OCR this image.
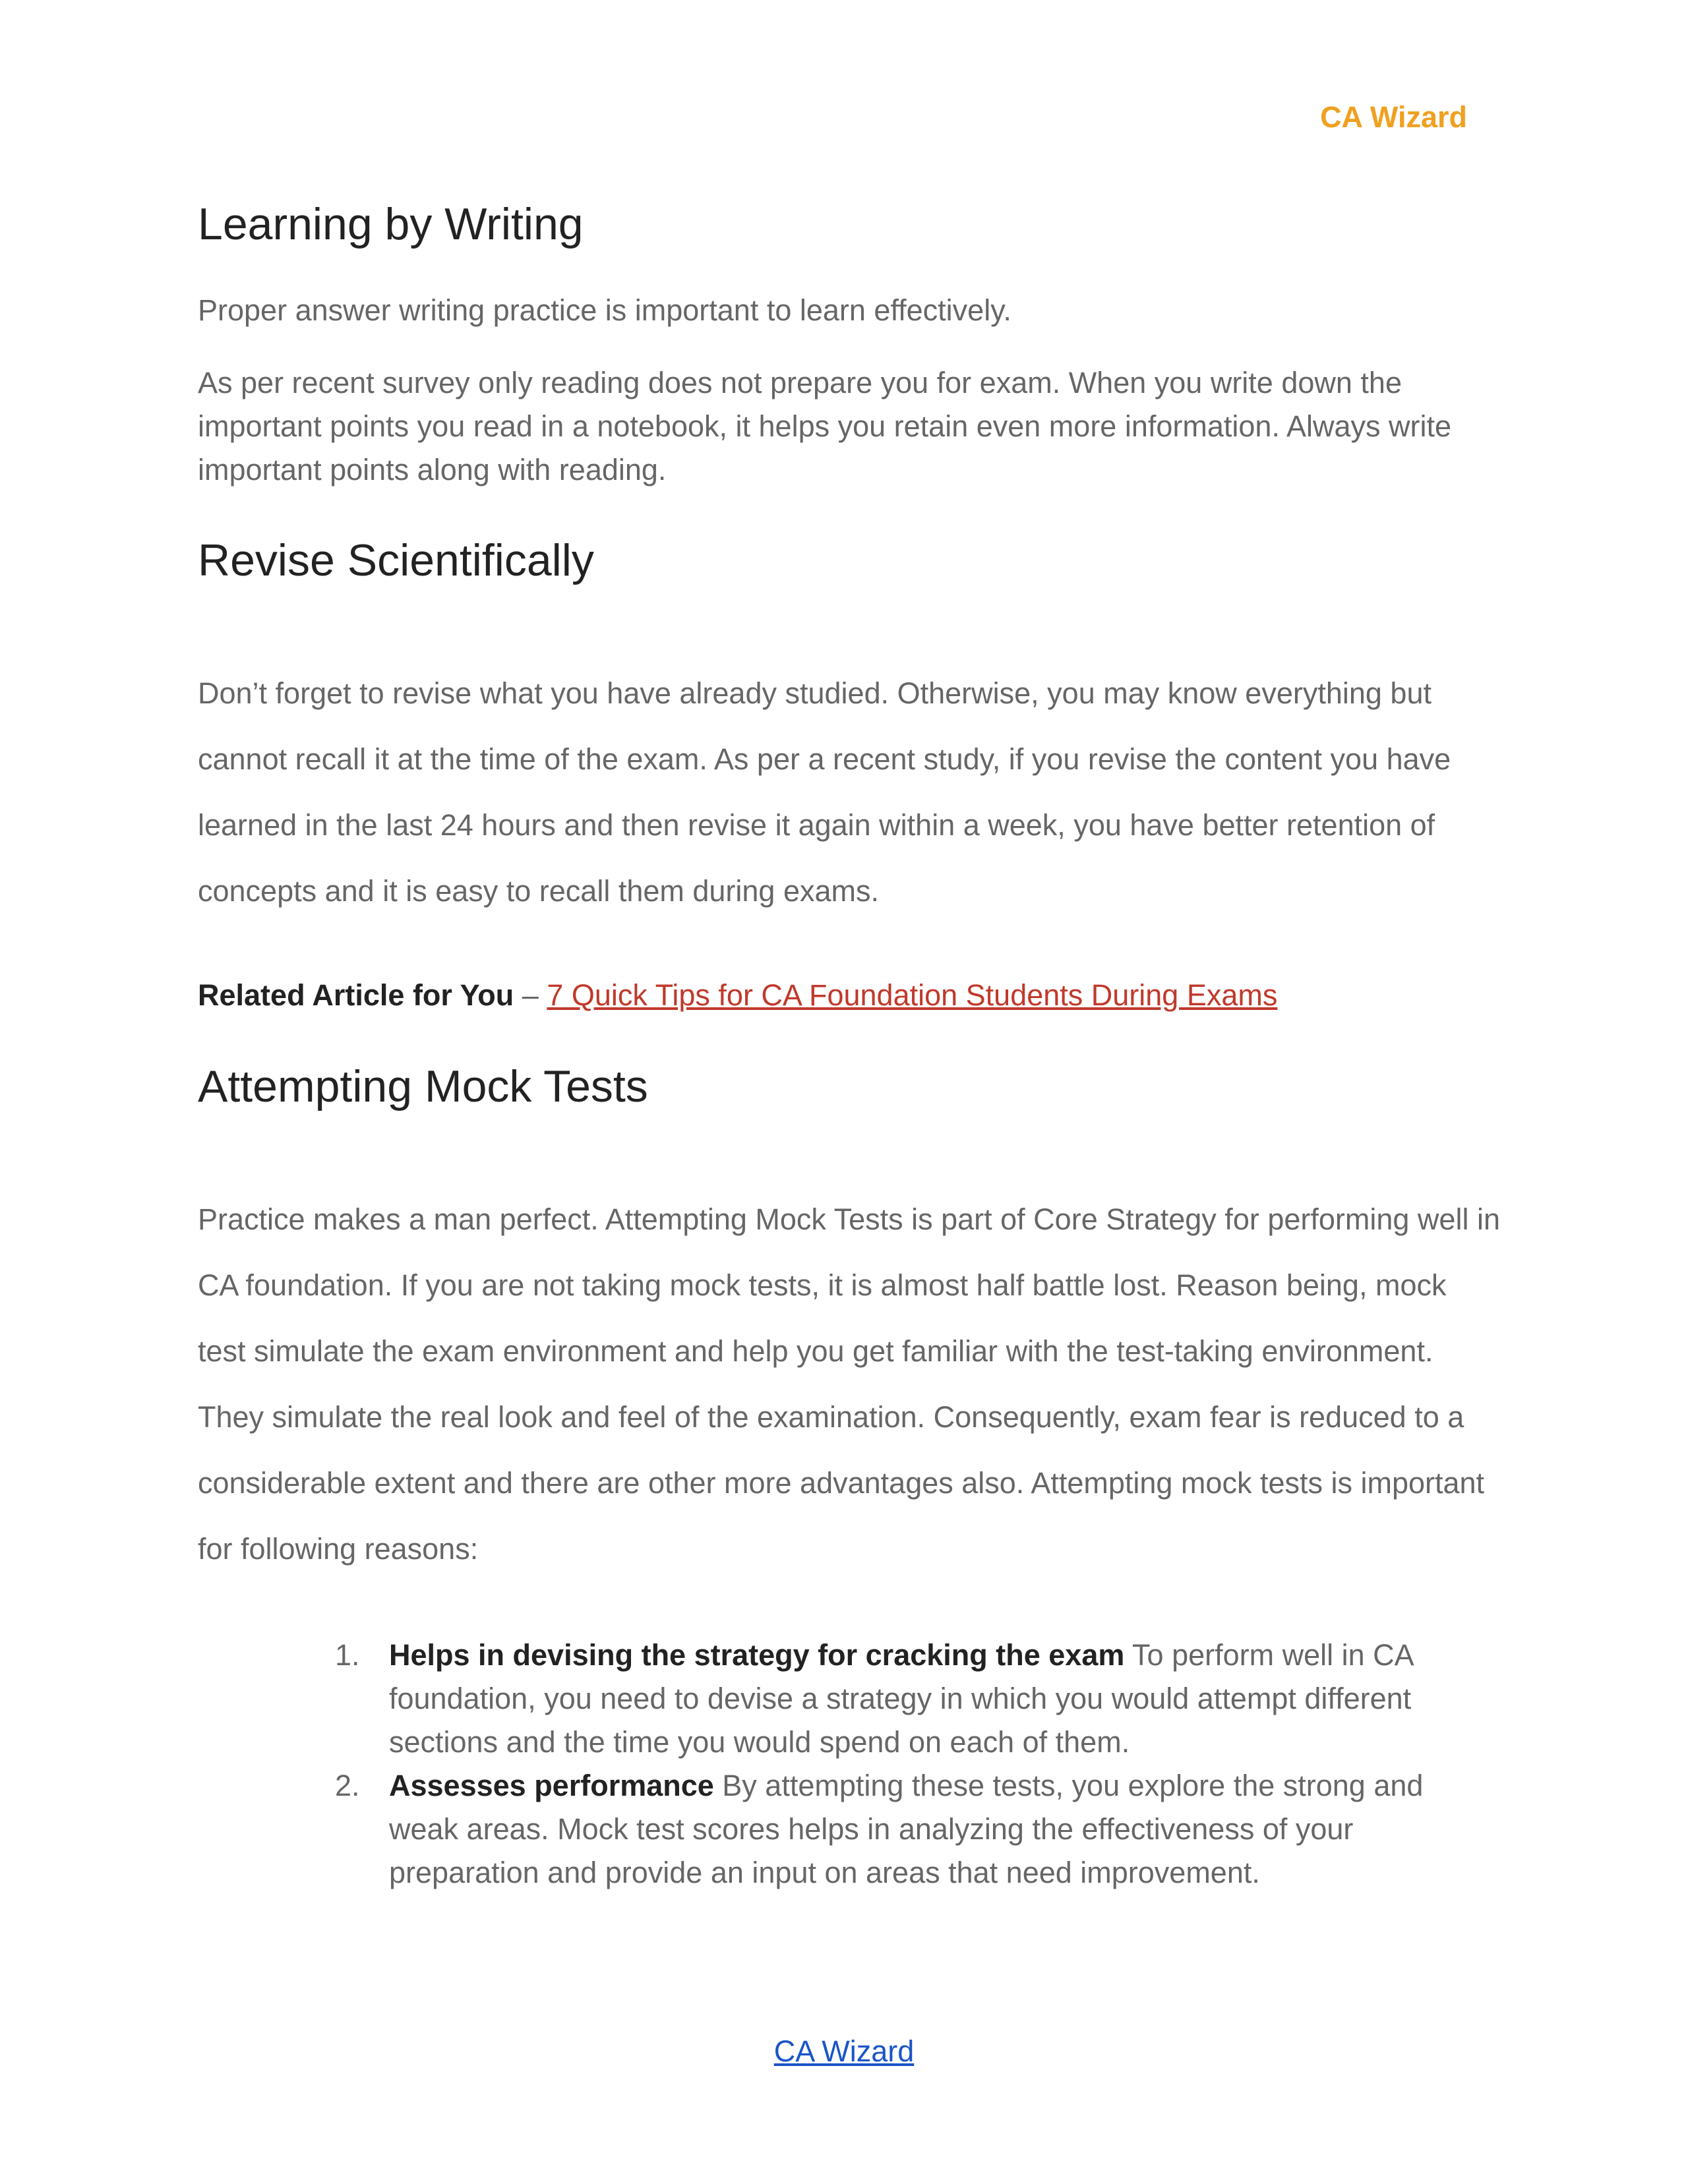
CA Wizard
Learning by Writing

Proper answer writing practice is important to learn effectively.

As per recent survey only reading does not prepare you for exam. When you write down the important points you read in a notebook, it helps you retain even more information. Always write important points along with reading.

Revise Scientifically

Don’t forget to revise what you have already studied. Otherwise, you may know everything but cannot recall it at the time of the exam. As per a recent study, if you revise the content you have learned in the last 24 hours and then revise it again within a week, you have better retention of concepts and it is easy to recall them during exams.

Related Article for You – 7 Quick Tips for CA Foundation Students During Exams
Attempting Mock Tests

Practice makes a man perfect. Attempting Mock Tests is part of Core Strategy for performing well in CA foundation. If you are not taking mock tests, it is almost half battle lost. Reason being, mock test simulate the exam environment and help you get familiar with the test-taking environment. They simulate the real look and feel of the examination. Consequently, exam fear is reduced to a considerable extent and there are other more advantages also. Attempting mock tests is important for following reasons:

1. Helps in devising the strategy for cracking the exam To perform well in CA foundation, you need to devise a strategy in which you would attempt different sections and the time you would spend on each of them.
2. Assesses performance By attempting these tests, you explore the strong and weak areas. Mock test scores helps in analyzing the effectiveness of your preparation and provide an input on areas that need improvement.
CA Wizard
